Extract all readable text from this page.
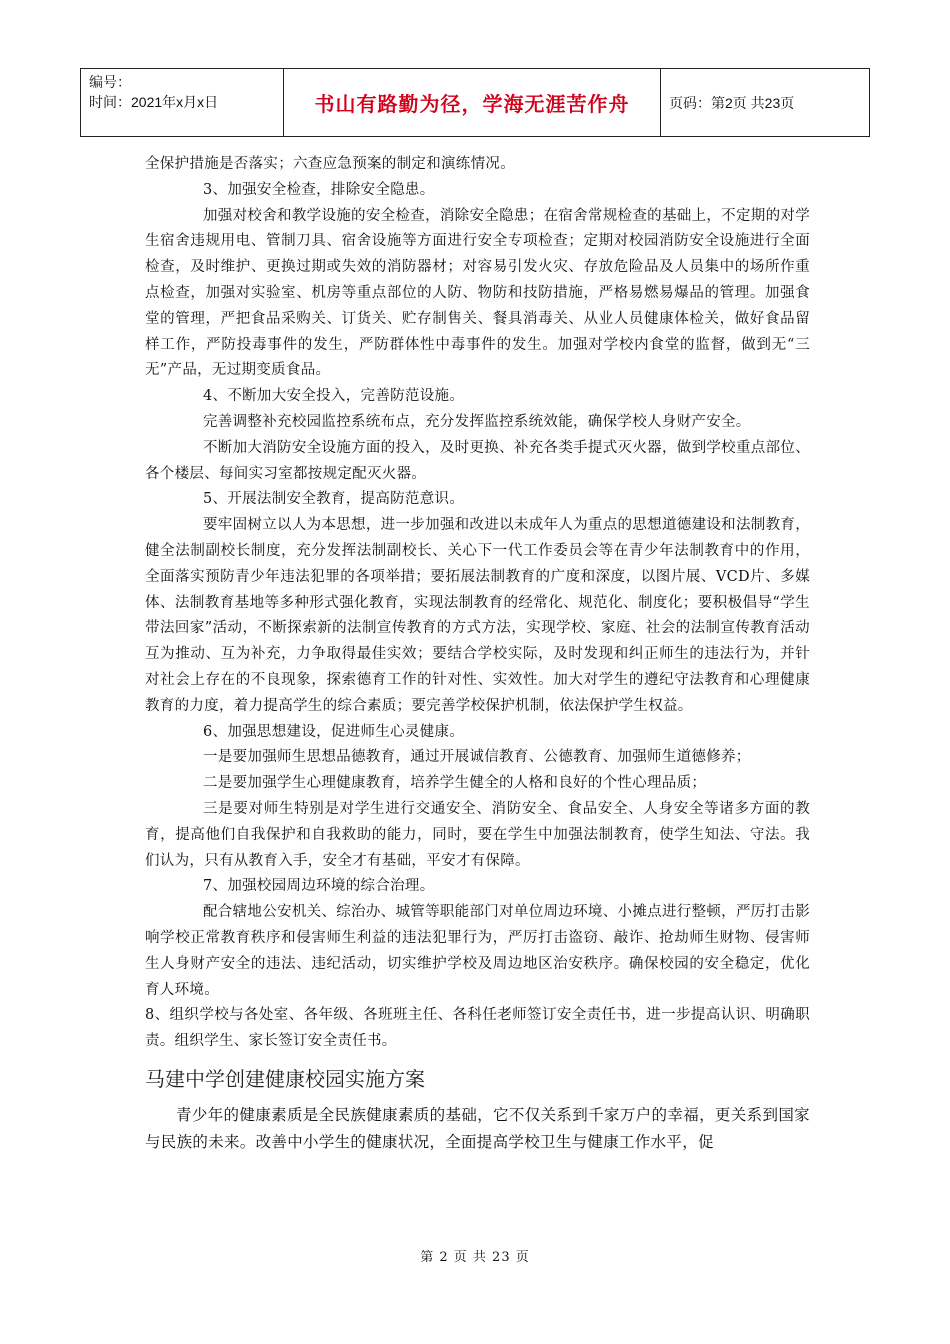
编号：
时间：2021年x月x日	书山有路勤为径，学海无涯苦作舟	页码：第2页 共23页

全保护措施是否落实；六查应急预案的制定和演练情况。

3、加强安全检查，排除安全隐患。

加强对校舍和教学设施的安全检查，消除安全隐患；在宿舍常规检查的基础上，不定期的对学生宿舍违规用电、管制刀具、宿舍设施等方面进行安全专项检查；定期对校园消防安全设施进行全面检查，及时维护、更换过期或失效的消防器材；对容易引发火灾、存放危险品及人员集中的场所作重点检查，加强对实验室、机房等重点部位的人防、物防和技防措施，严格易燃易爆品的管理。加强食堂的管理，严把食品采购关、订货关、贮存制售关、餐具消毒关、从业人员健康体检关，做好食品留样工作，严防投毒事件的发生，严防群体性中毒事件的发生。加强对学校内食堂的监督，做到无“三无”产品，无过期变质食品。

4、不断加大安全投入，完善防范设施。

完善调整补充校园监控系统布点，充分发挥监控系统效能，确保学校人身财产安全。

不断加大消防安全设施方面的投入，及时更换、补充各类手提式灭火器，做到学校重点部位、各个楼层、每间实习室都按规定配灭火器。

5、开展法制安全教育，提高防范意识。

要牢固树立以人为本思想，进一步加强和改进以未成年人为重点的思想道德建设和法制教育，健全法制副校长制度，充分发挥法制副校长、关心下一代工作委员会等在青少年法制教育中的作用，全面落实预防青少年违法犯罪的各项举措；要拓展法制教育的广度和深度，以图片展、VCD片、多媒体、法制教育基地等多种形式强化教育，实现法制教育的经常化、规范化、制度化；要积极倡导“学生带法回家”活动，不断探索新的法制宣传教育的方式方法，实现学校、家庭、社会的法制宣传教育活动互为推动、互为补充，力争取得最佳实效；要结合学校实际，及时发现和纠正师生的违法行为，并针对社会上存在的不良现象，探索德育工作的针对性、实效性。加大对学生的遵纪守法教育和心理健康教育的力度，着力提高学生的综合素质；要完善学校保护机制，依法保护学生权益。

6、加强思想建设，促进师生心灵健康。

一是要加强师生思想品德教育，通过开展诚信教育、公德教育、加强师生道德修养；

二是要加强学生心理健康教育，培养学生健全的人格和良好的个性心理品质；

三是要对师生特别是对学生进行交通安全、消防安全、食品安全、人身安全等诸多方面的教育，提高他们自我保护和自我救助的能力，同时，要在学生中加强法制教育，使学生知法、守法。我们认为，只有从教育入手，安全才有基础，平安才有保障。

7、加强校园周边环境的综合治理。

配合辖地公安机关、综治办、城管等职能部门对单位周边环境、小摊点进行整顿，严厉打击影响学校正常教育秩序和侵害师生利益的违法犯罪行为，严厉打击盗窃、敲诈、抢劫师生财物、侵害师生人身财产安全的违法、违纪活动，切实维护学校及周边地区治安秩序。确保校园的安全稳定，优化育人环境。

8、组织学校与各处室、各年级、各班班主任、各科任老师签订安全责任书，进一步提高认识、明确职责。组织学生、家长签订安全责任书。

马建中学创建健康校园实施方案

青少年的健康素质是全民族健康素质的基础，它不仅关系到千家万户的幸福，更关系到国家与民族的未来。改善中小学生的健康状况，全面提高学校卫生与健康工作水平，促

第 2 页 共 23 页
